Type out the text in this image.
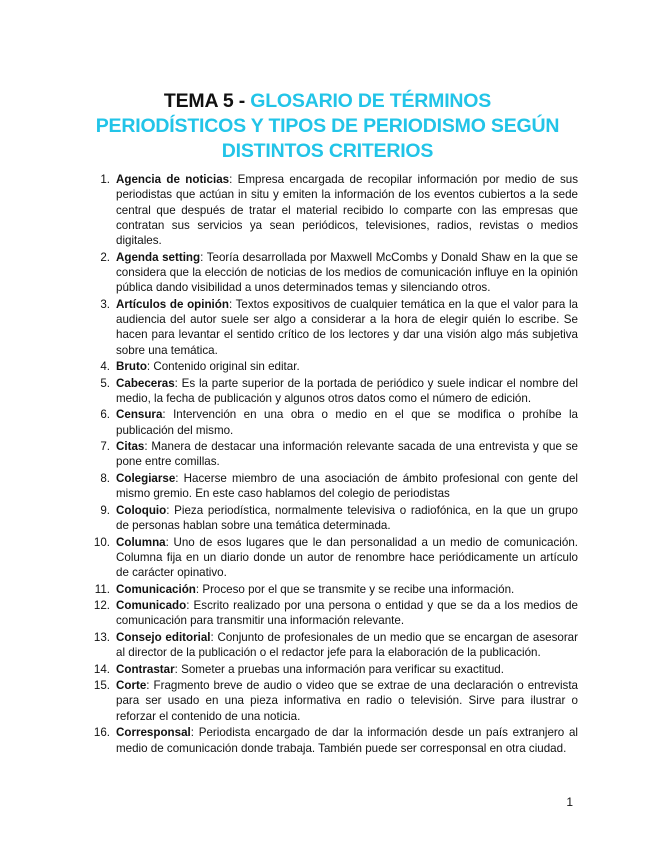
TEMA 5 - GLOSARIO DE TÉRMINOS
PERIODÍSTICOS Y TIPOS DE PERIODISMO SEGÚN
DISTINTOS CRITERIOS
1. Agencia de noticias: Empresa encargada de recopilar información por medio de sus periodistas que actúan in situ y emiten la información de los eventos cubiertos a la sede central que después de tratar el material recibido lo comparte con las empresas que contratan sus servicios ya sean periódicos, televisiones, radios, revistas o medios digitales.
2. Agenda setting: Teoría desarrollada por Maxwell McCombs y Donald Shaw en la que se considera que la elección de noticias de los medios de comunicación influye en la opinión pública dando visibilidad a unos determinados temas y silenciando otros.
3. Artículos de opinión: Textos expositivos de cualquier temática en la que el valor para la audiencia del autor suele ser algo a considerar a la hora de elegir quién lo escribe. Se hacen para levantar el sentido crítico de los lectores y dar una visión algo más subjetiva sobre una temática.
4. Bruto: Contenido original sin editar.
5. Cabeceras: Es la parte superior de la portada de periódico y suele indicar el nombre del medio, la fecha de publicación y algunos otros datos como el número de edición.
6. Censura: Intervención en una obra o medio en el que se modifica o prohíbe la publicación del mismo.
7. Citas: Manera de destacar una información relevante sacada de una entrevista y que se pone entre comillas.
8. Colegiarse: Hacerse miembro de una asociación de ámbito profesional con gente del mismo gremio. En este caso hablamos del colegio de periodistas
9. Coloquio: Pieza periodística, normalmente televisiva o radiofónica, en la que un grupo de personas hablan sobre una temática determinada.
10. Columna: Uno de esos lugares que le dan personalidad a un medio de comunicación. Columna fija en un diario donde un autor de renombre hace periódicamente un artículo de carácter opinativo.
11. Comunicación: Proceso por el que se transmite y se recibe una información.
12. Comunicado: Escrito realizado por una persona o entidad y que se da a los medios de comunicación para transmitir una información relevante.
13. Consejo editorial: Conjunto de profesionales de un medio que se encargan de asesorar al director de la publicación o el redactor jefe para la elaboración de la publicación.
14. Contrastar: Someter a pruebas una información para verificar su exactitud.
15. Corte: Fragmento breve de audio o video que se extrae de una declaración o entrevista para ser usado en una pieza informativa en radio o televisión. Sirve para ilustrar o reforzar el contenido de una noticia.
16. Corresponsal: Periodista encargado de dar la información desde un país extranjero al medio de comunicación donde trabaja. También puede ser corresponsal en otra ciudad.
1
